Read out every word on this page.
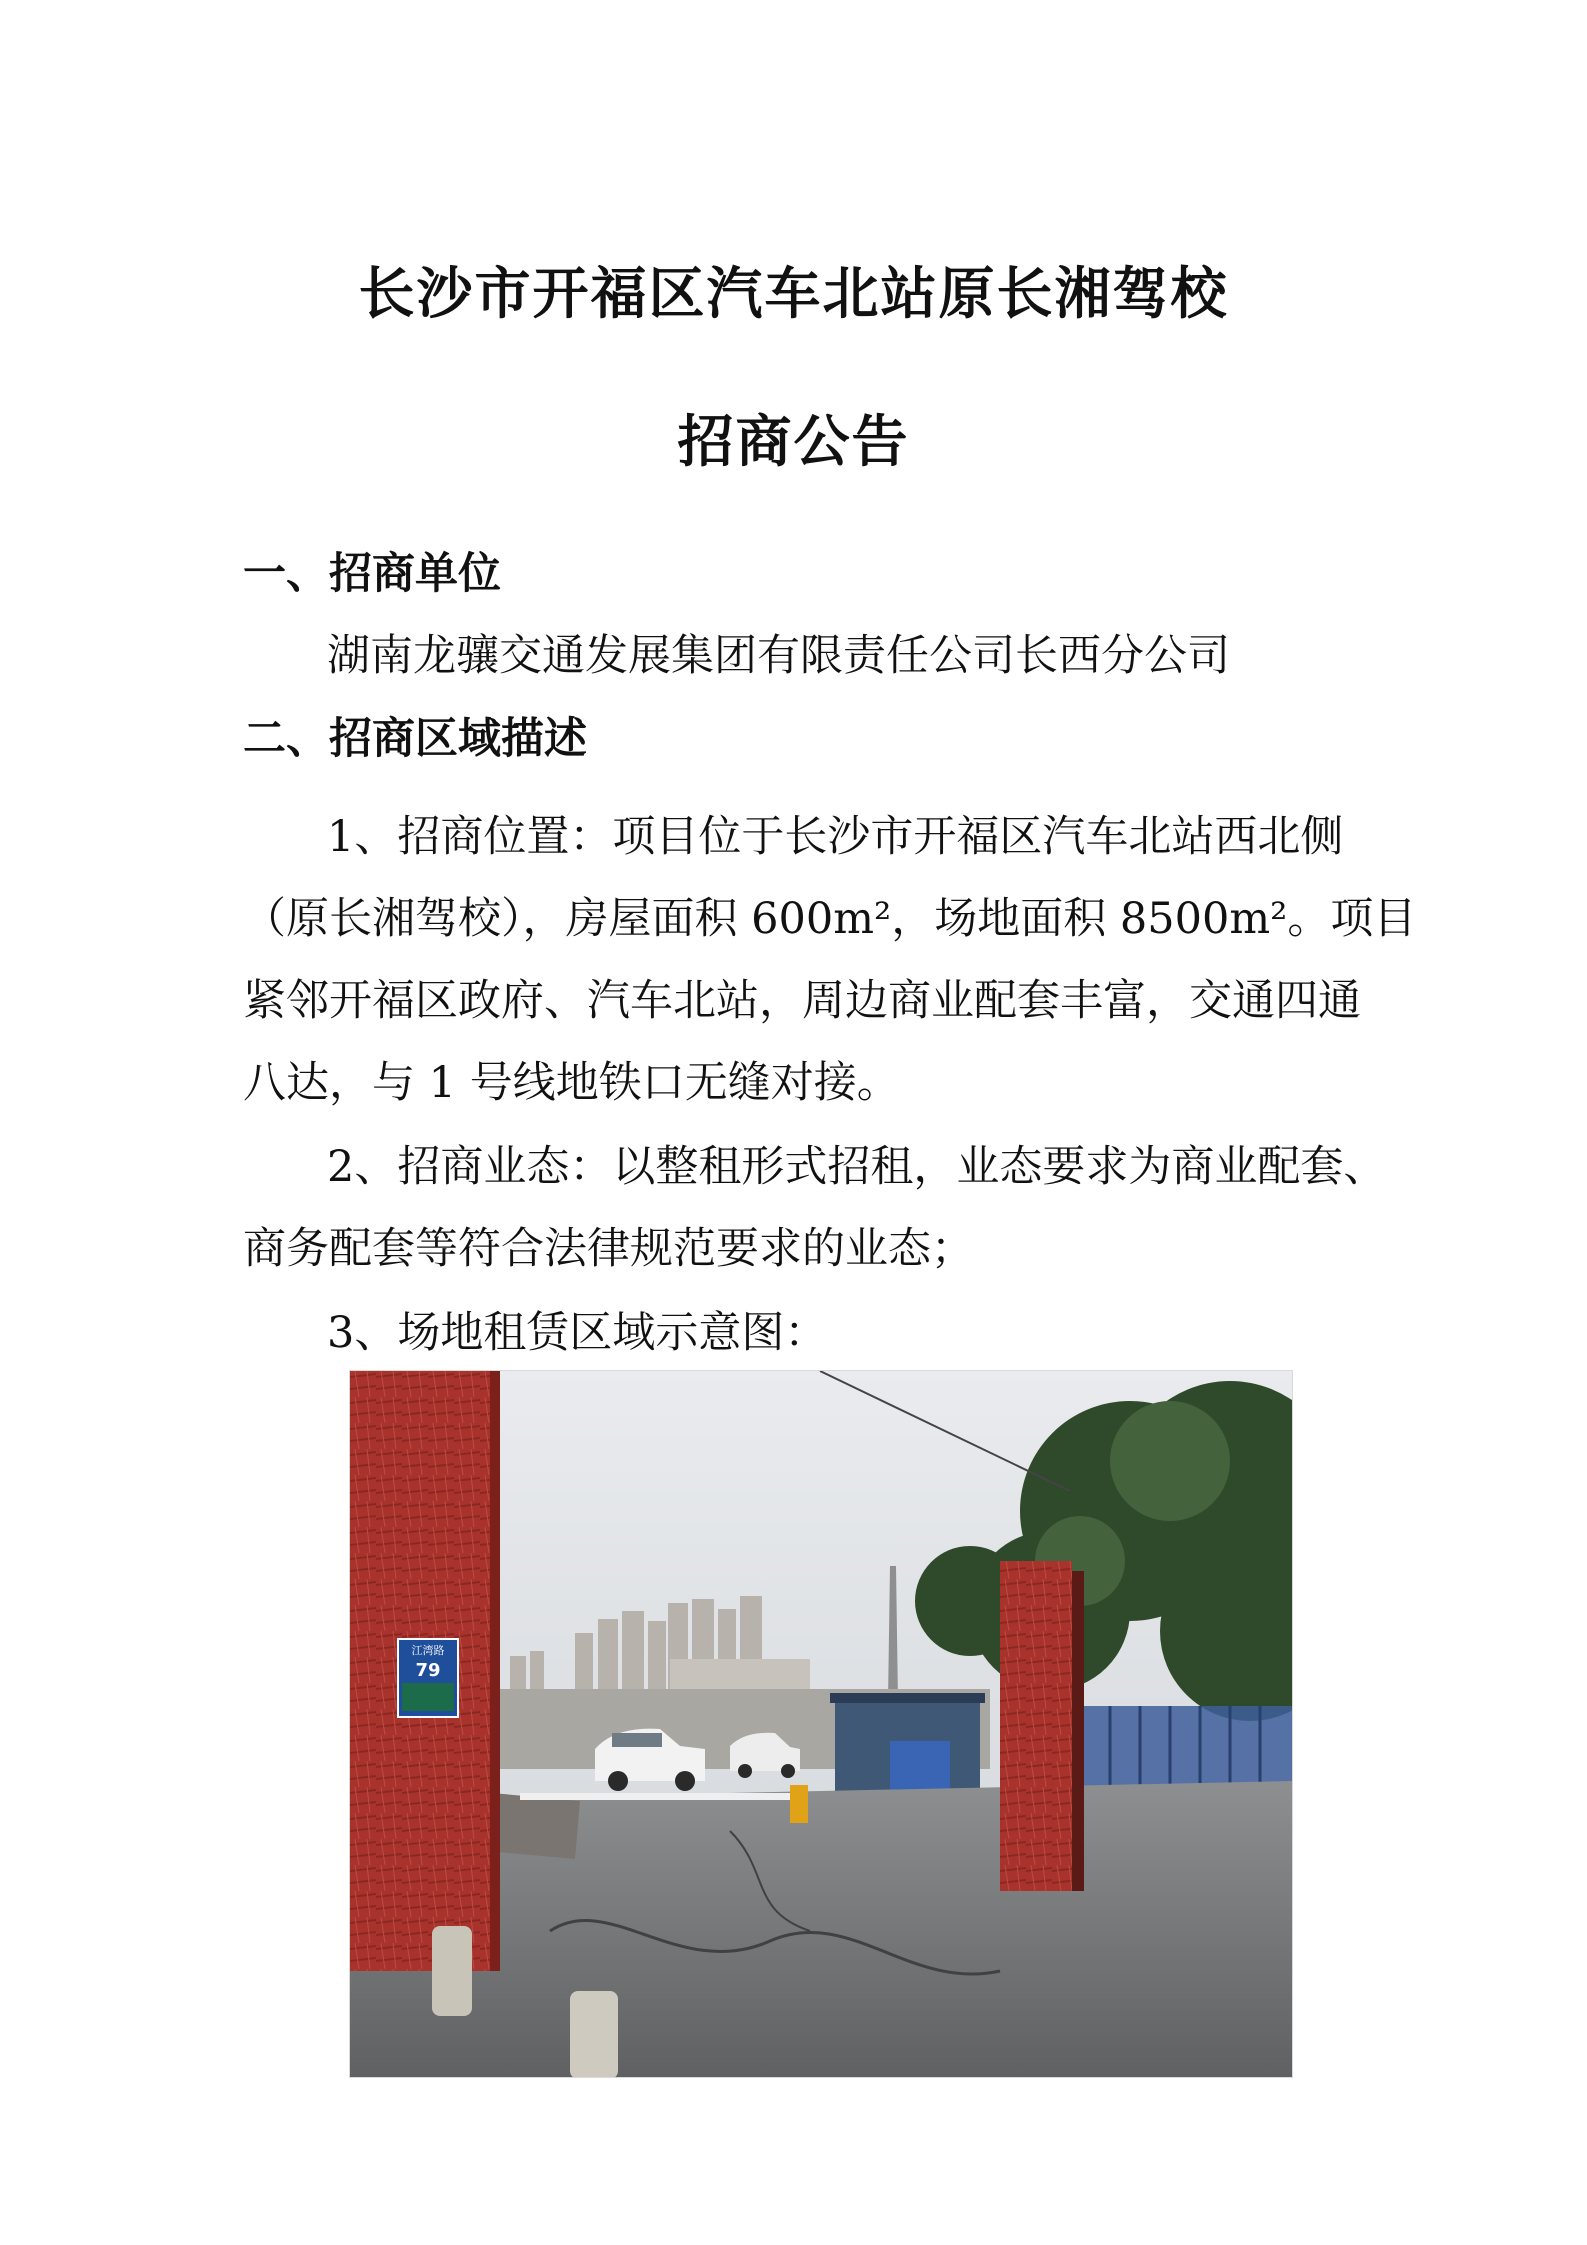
长沙市开福区汽车北站原长湘驾校
招商公告
一、招商单位
湖南龙骧交通发展集团有限责任公司长西分公司
二、招商区域描述
1、招商位置：项目位于长沙市开福区汽车北站西北侧
（原长湘驾校），房屋面积 600m²，场地面积 8500m²。项目
紧邻开福区政府、汽车北站，周边商业配套丰富，交通四通
八达，与 1 号线地铁口无缝对接。
2、招商业态：以整租形式招租，业态要求为商业配套、
商务配套等符合法律规范要求的业态；
3、场地租赁区域示意图：
江湾路
79
